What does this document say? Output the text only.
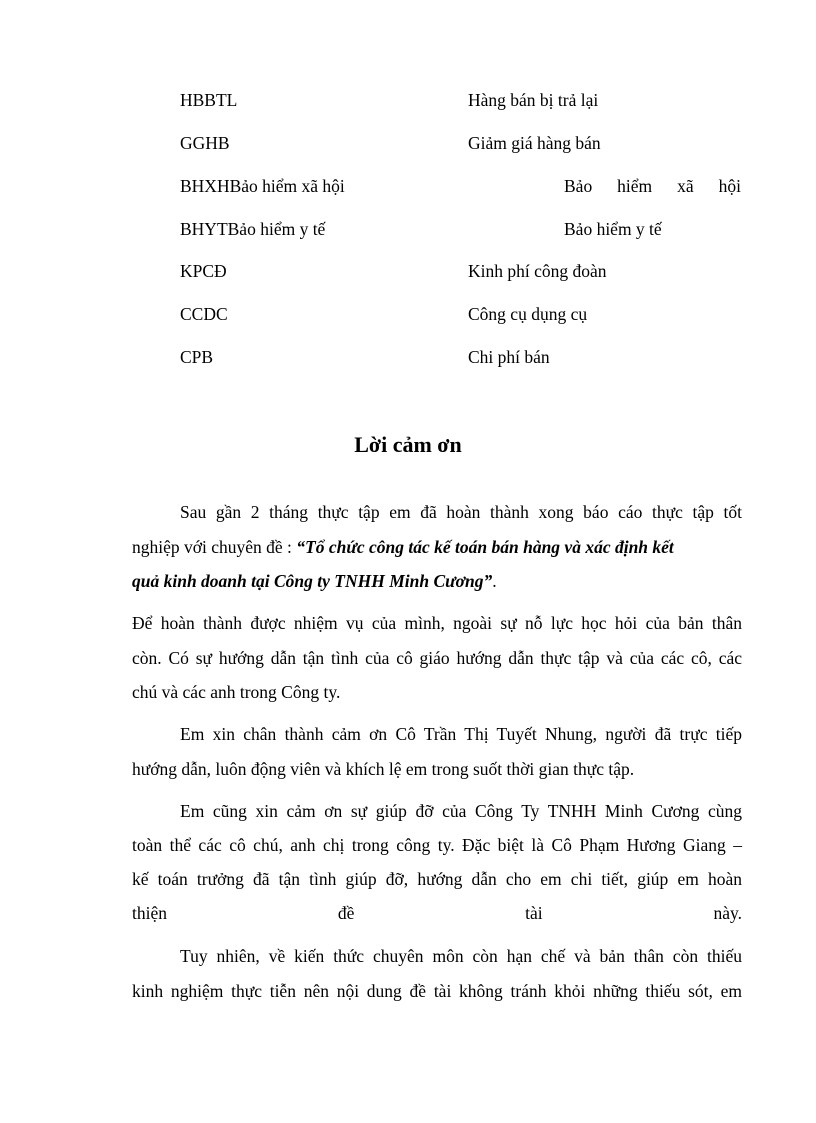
HBBTL	Hàng bán bị trả lại
GGHB	Giảm giá hàng bán
BHXHBảo hiểm xã hội	Bảo hiểm xã hội
BHYTBảo hiểm y tế	Bảo hiểm y tế
KPCĐ	Kinh phí công đoàn
CCDC	Công cụ dụng cụ
CPB	Chi phí bán
Lời cảm ơn
Sau gần 2 tháng thực tập em đã hoàn thành xong báo cáo thực tập tốt
nghiệp với chuyên đề : “Tổ chức công tác kế toán bán hàng và xác định kết
quả kinh doanh tại Công ty TNHH Minh Cương”.
Để hoàn thành được nhiệm vụ của mình, ngoài sự nỗ lực học hỏi của bản thân
còn. Có sự hướng dẫn tận tình của cô giáo hướng dẫn thực tập và của các cô, các
chú và các anh trong Công ty.
Em xin chân thành cảm ơn Cô Trần Thị Tuyết Nhung, người đã trực tiếp
hướng dẫn, luôn động viên và khích lệ em trong suốt thời gian thực tập.
Em cũng xin cảm ơn sự giúp đỡ của Công Ty TNHH Minh Cương cùng
toàn thể các cô chú, anh chị trong công ty. Đặc biệt là Cô Phạm Hương Giang –
kế toán trưởng đã tận tình giúp đỡ, hướng dẫn cho em chi tiết, giúp em hoàn
thiện đề tài này.
Tuy nhiên, về kiến thức chuyên môn còn hạn chế và bản thân còn thiếu
kinh nghiệm thực tiễn nên nội dung đề tài không tránh khỏi những thiếu sót, em
